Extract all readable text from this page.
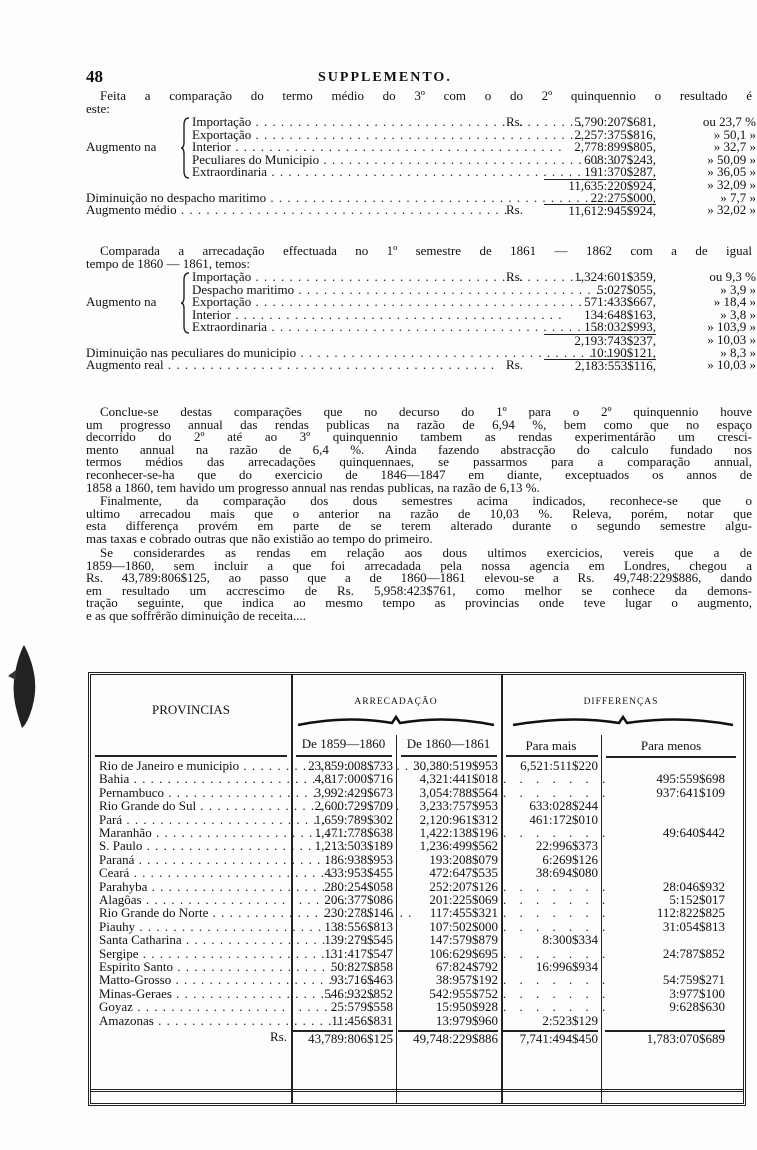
48	SUPPLEMENTO.
Feita a comparação do termo médio do 3º com o do 2º quinquennio o resultado é
este:
Importação . . .	Rs.	5,790:207$681,	ou 23,7 %
Exportação . . .	2,257:375$816,	» 50,1 »
Augmento na	Interior . . .	2,778:899$805,	» 32,7 »
Peculiares do Municipio . . .	608:307$243,	» 50,09 »
Extraordinaria . . .	191:370$287,	» 36,05 »
11,635:220$924,	» 32,09 »
Diminuição no despacho maritimo . . .	22:275$000,	» 7,7 »
Augmento médio . . .	Rs.	11,612:945$924,	» 32,02 »
Comparada a arrecadação effectuada no 1º semestre de 1861 — 1862 com a de igual
tempo de 1860 — 1861, temos:
Importação . . .	Rs.	1,324:601$359,	ou 9,3 %
Despacho maritimo . . .	5:027$055,	» 3,9 »
Augmento na	Exportação . . .	571:433$667,	» 18,4 »
Interior . . .	134:648$163,	» 3,8 »
Extraordinaria . . .	158:032$993,	» 103,9 »
2,193:743$237,	» 10,03 »
Diminuição nas peculiares do municipio . . .	10:190$121,	» 8,3 »
Augmento real . . .	Rs.	2,183:553$116,	» 10,03 »
Conclue-se destas comparações que no decurso do 1º para o 2º quinquennio houve
um progresso annual das rendas publicas na razão de 6,94 %, bem como que no espaço
decorrido do 2º até ao 3º quinquennio tambem as rendas experimentárão um cresci-
mento annual na razão de 6,4 %. Ainda fazendo abstracção do calculo fundado nos
termos médios das arrecadações quinquennaes, se passarmos para a comparação annual,
reconhecer-se-ha que do exercicio de 1846—1847 em diante, exceptuados os annos de
1858 a 1860, tem havido um progresso annual nas rendas publicas, na razão de 6,13 %.
Finalmente, da comparação dos dous semestres acima indicados, reconhece-se que o
ultimo arrecadou mais que o anterior na razão de 10,03 %. Releva, porém, notar que
esta differença provém em parte de se terem alterado durante o segundo semestre algu-
mas taxas e cobrado outras que não existião ao tempo do primeiro.
Se considerardes as rendas em relação aos dous ultimos exercicios, vereis que a de
1859—1860, sem incluir a que foi arrecadada pela nossa agencia em Londres, chegou a
Rs. 43,789:806$125, ao passo que a de 1860—1861 elevou-se a Rs. 49,748:229$886, dando
em resultado um accrescimo de Rs. 5,958:423$761, como melhor se conhece da demons-
tração seguinte, que indica ao mesmo tempo as provincias onde teve lugar o augmento,
e as que soffrêrão diminuição de receita....
PROVINCIAS	ARRECADAÇÃO	DIFFERENÇAS
De 1859—1860	De 1860—1861	Para mais	Para menos
Rio de Janeiro e municipio . . .	23,859:008$733	30,380:519$953	6,521:511$220
Bahia . . .	4,817:000$716	4,321:441$018 . . . . . . .	495:559$698
Pernambuco . . .	3,992:429$673	3,054:788$564 . . . . . . .	937:641$109
Rio Grande do Sul . . .	2,600:729$709	3,233:757$953	633:028$244
Pará . . .	1,659:789$302	2,120:961$312	461:172$010
Maranhão . . .	1,471:778$638	1,422:138$196 . . . . . . .	49:640$442
S. Paulo . . .	1,213:503$189	1,236:499$562	22:996$373
Paraná . . .	186:938$953	193:208$079	6:269$126
Ceará . . .	433:953$455	472:647$535	38:694$080
Parahyba . . .	280:254$058	252:207$126 . . . . . . .	28:046$932
Alagôas . . .	206:377$086	201:225$069 . . . . . . .	5:152$017
Rio Grande do Norte . . .	230:278$146	117:455$321 . . . . . . .	112:822$825
Piauhy . . .	138:556$813	107:502$000 . . . . . . .	31:054$813
Santa Catharina . . .	139:279$545	147:579$879	8:300$334
Sergipe . . .	131:417$547	106:629$695 . . . . . . .	24:787$852
Espirito Santo . . .	50:827$858	67:824$792	16:996$934
Matto-Grosso . . .	93:716$463	38:957$192 . . . . . . .	54:759$271
Minas-Geraes . . .	546:932$852	542:955$752 . . . . . . .	3:977$100
Goyaz . . .	25:579$558	15:950$928 . . . . . . .	9:628$630
Amazonas . . .	11:456$831	13:979$960	2:523$129
Rs.	43,789:806$125	49,748:229$886	7,741:494$450	1,783:070$689
